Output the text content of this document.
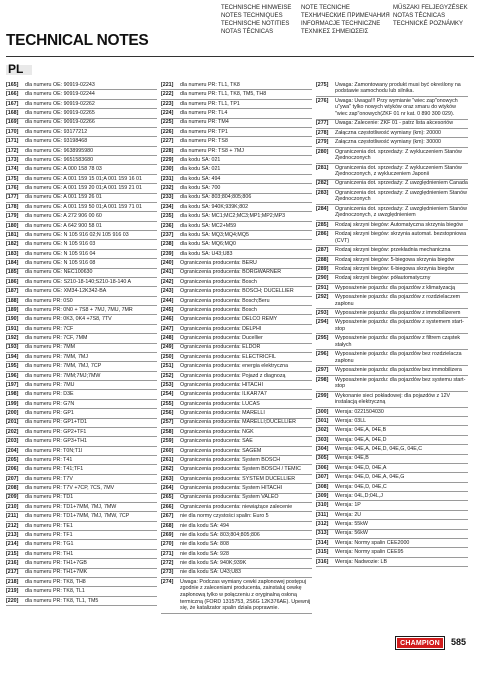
TECHNISCHE HINWEISE
NOTES TECHNIQUES
TECHNISCHE NOTITIES
NOTAS TÉCNICAS
NOTE TECNICHE
ТЕХНИЧЕСКИЕ ПРИМЕЧАНИЯ
INFORMACJE TECHNICZNE
ΤΕΧΝΙΚΕΣ ΣΗΜΕΙΩΣΕΙΣ
MŰSZAKI FELJEGYZÉSEK
NOTAS TÉCNICAS
TECHNICKÉ POZNÁMKY
TECHNICAL NOTES
PL
[165]	dla numeru OE: 90919-02243
[166]	dla numeru OE: 90919-02244
[167]	dla numeru OE: 90919-02262
[168]	dla numeru OE: 90919-02265
[169]	dla numeru OE: 90919-02266
[170]	dla numeru OE: 93177212
[171]	dla numeru OE: 93198468
[172]	dla numeru OE: 9638995980
[173]	dla numeru OE: 9651583680
[174]	dla numeru OE: A 000 158 78 03
[175]	dla numeru OE: A 001 159 15 01;A 001 159 16 01
[176]	dla numeru OE: A 001 159 20 01;A 001 159 21 01
[177]	dla numeru OE: A 001 159 26 01
[178]	dla numeru OE: A 001 159 50 01;A 001 159 71 01
[179]	dla numeru OE: A 272 906 00 60
[180]	dla numeru OE: A 642 900 58 01
[181]	dla numeru OE: N 105 916 02;N 105 916 03
[182]	dla numeru OE: N 105 916 03
[183]	dla numeru OE: N 105 916 04
[184]	dla numeru OE: N 105 916 08
[185]	dla numeru OE: NEC100630
[186]	dla numeru OE: S210-18-140;S210-18-140 A
[187]	dla numeru OE: XM34-12K342-BA
[188]	dla numeru PR: 0S0
[189]	dla numeru PR: 0N0 + 7S8 + 7MJ, 7MU, 7MR
[190]	dla numeru PR: 0K3, 0K4 +7S8, 7TV
[191]	dla numeru PR: 7CF
[192]	dla numeru PR: 7CF, 7MM
[193]	dla numeru PR: 7MM
[194]	dla numeru PR: 7MM, 7MJ
[195]	dla numeru PR: 7MM, 7MJ, 7CP
[196]	dla numeru PR: 7MM;7MJ;7MW
[197]	dla numeru PR: 7MU
[198]	dla numeru PR: D3E
[199]	dla numeru PR: G7N
[200]	dla numeru PR: GP1
[201]	dla numeru PR: GP1+TD1
[202]	dla numeru PR: GP2+TF1
[203]	dla numeru PR: GP3+TH1
[204]	dla numeru PR: T0N;T1I
[205]	dla numeru PR: T41
[206]	dla numeru PR: T41;TF1
[207]	dla numeru PR: T7V
[208]	dla numeru PR: T7V +7CP, 7CS, 7MV
[209]	dla numeru PR: TD1
[210]	dla numeru PR: TD1+7MM, 7MJ, 7MW
[211]	dla numeru PR: TD1+7MM, 7MJ, 7MW, 7CP
[212]	dla numeru PR: TE1
[213]	dla numeru PR: TF1
[214]	dla numeru PR: TG1
[215]	dla numeru PR: TH1
[216]	dla numeru PR: TH1+7GB
[217]	dla numeru PR: TH1+7MK
[218]	dla numeru PR: TK8, TH8
[219]	dla numeru PR: TK8, TL1
[220]	dla numeru PR: TK8, TL1, TM5
[221]	dla numeru PR: TL1, TK8
[222]	dla numeru PR: TL1, TK8, TM5, TH8
[223]	dla numeru PR: TL1, TP1
[224]	dla numeru PR: TL4
[225]	dla numeru PR: TM4
[226]	dla numeru PR: TP1
[227]	dla numeru PR: TS8
[228]	dla numeru PR: TS8 + 7MJ
[229]	dla kodu SA: 021
[230]	dla kodu SA: 021
[231]	dla kodu SA: 494
[232]	dla kodu SA: 700
[233]	dla kodu SA: 803;804;805;806
[234]	dla kodu SA: 940K;939K;802
[235]	dla kodu SA: MC1;MC2;MC3;MP1;MP2;MP3
[236]	dla kodu SA: MC2+M59
[237]	dla kodu SA: MQ3;MQ4;MQ5
[238]	dla kodu SA: MQ6;MQ0
[239]	dla kodu SA: U43;U83
[240]	Ograniczenia producenta: BERU
[241]	Ograniczenia producenta: BORGWARNER
[242]	Ograniczenia producenta: Bosch
[243]	Ograniczenia producenta: BOSCH; DUCELLIER
[244]	Ograniczenia producenta: Bosch;Beru
[245]	Ograniczenia producenta: Bosch
[246]	Ograniczenia producenta: DELCO REMY
[247]	Ograniczenia producenta: DELPHI
[248]	Ograniczenia producenta: Ducellier
[249]	Ograniczenia producenta: ELDOR
[250]	Ograniczenia producenta: ELECTRICFIL
[251]	Ograniczenia producenta: energia elektryczna
[252]	Ograniczenia producenta: Pojazd z diagnozą
[253]	Ograniczenia producenta: HITACHI
[254]	Ograniczenia producenta: ILKAR7A7
[255]	Ograniczenia producenta: LUCAS
[256]	Ograniczenia producenta: MARELLI
[257]	Ograniczenia producenta: MARELLI;DUCELLIER
[258]	Ograniczenia producenta: NGK
[259]	Ograniczenia producenta: SAE
[260]	Ograniczenia producenta: SAGEM
[261]	Ograniczenia producenta: System BOSCH
[262]	Ograniczenia producenta: System BOSCH / TEMIC
[263]	Ograniczenia producenta: SYSTEM DUCELLIER
[264]	Ograniczenia producenta: System HITACHI
[265]	Ograniczenia producenta: System VALEO
[266]	Ograniczenia producenta: niewiążące zalecenie
[267]	nie dla normy czystości spalin: Euro 5
[268]	nie dla kodu SA: 494
[269]	nie dla kodu SA: 803;804;805;806
[270]	nie dla kodu SA: 808
[271]	nie dla kodu SA: 928
[272]	nie dla kodu SA: 940K;939K
[273]	nie dla kodu SA: U43;U83
[274]	Uwaga: Podczas wymiany cewki zapłonowej postępuj zgodnie z zaleceniami producenta, zainstaluj cewkę zapłonową tylko w połączeniu z oryginalną osłoną termiczną (FORD 1315753, 2S6G 12K376AE). Upewnij się, że katalizator spalin działa poprawnie.
[275]	Uwaga: Zamontowany produkt musi być określony na podstawie samochodu lub silnika.
[276]	Uwaga: Uwaga!!! Przy wymianie "wiec zap"onowych u"ywa" tylko nowych wtyków oraz smaru do wtyków "wiec zap"onowych(ZKF 01 nr kat. 0 890 300 029).
[277]	Uwaga: Zalecenie: ZKF 01 - patrz lista akcesoriów
[278]	Załączna częstotliwość wymiany (km): 20000
[279]	Załączna częstotliwość wymiany (km): 30000
[280]	Ograniczenia dot. sprzedaży: Z wykluczeniem Stanów Zjednoczonych
[281]	Ograniczenia dot. sprzedaży: Z wykluczeniem Stanów Zjednoczonych, z wykluczeniem Japonii
[282]	Ograniczenia dot. sprzedaży: Z uwzględnieniem Canada
[283]	Ograniczenia dot. sprzedaży: Z uwzględnieniem Stanów Zjednoczonych
[284]	Ograniczenia dot. sprzedaży: Z uwzględnieniem Stanów Zjednoczonych, z uwzględnieniem
[285]	Rodzaj skrzyni biegów: Automatyczna skrzynia biegów
[286]	Rodzaj skrzyni biegów: skrzynia automat. bezstopniowa (CVT)
[287]	Rodzaj skrzyni biegów: przekładnia mechaniczna
[288]	Rodzaj skrzyni biegów: 5-biegowa skrzynia biegów
[289]	Rodzaj skrzyni biegów: 6-biegowa skrzynia biegów
[290]	Rodzaj skrzyni biegów: półautomatyczny
[291]	Wyposażenie pojazdu: dla pojazdów z klimatyzacją
[292]	Wyposażenie pojazdu: dla pojazdów z rozdzielaczem zapłonu
[293]	Wyposażenie pojazdu: dla pojazdów z immobilizerem
[294]	Wyposażenie pojazdu: dla pojazdów z systemem start-stop
[295]	Wyposażenie pojazdu: dla pojazdów z filtrem cząstek stałych
[296]	Wyposażenie pojazdu: dla pojazdów bez rozdzielacza zapłonu
[297]	Wyposażenie pojazdu: dla pojazdów bez immobilizera
[298]	Wyposażenie pojazdu: dla pojazdów bez systemu start-stop
[299]	Wykonanie sieci pokładowej: dla pojazdów z 12V instalacją elektryczną
[300]	Wersja: 0221504030
[301]	Wersja: 03LL
[302]	Wersja: 04E,A, 04E,B
[303]	Wersja: 04E,A, 04E,D
[304]	Wersja: 04E,A, 04E,D, 04E,G, 04E,C
[305]	Wersja: 04E,B
[306]	Wersja: 04E,D, 04E,A
[307]	Wersja: 04E,D, 04E,A, 04E,G
[308]	Wersja: 04E,D, 04E,C
[309]	Wersja: 04L,D;04L,J
[310]	Wersja: 1P
[311]	Wersja: 2U
[312]	Wersja: 55kW
[313]	Wersja: 56kW
[314]	Wersja: Normy spalin CEE2000
[315]	Wersja: Normy spalin CEE95
[316]	Wersja: Nadwozie: LB
CHAMPION 585
